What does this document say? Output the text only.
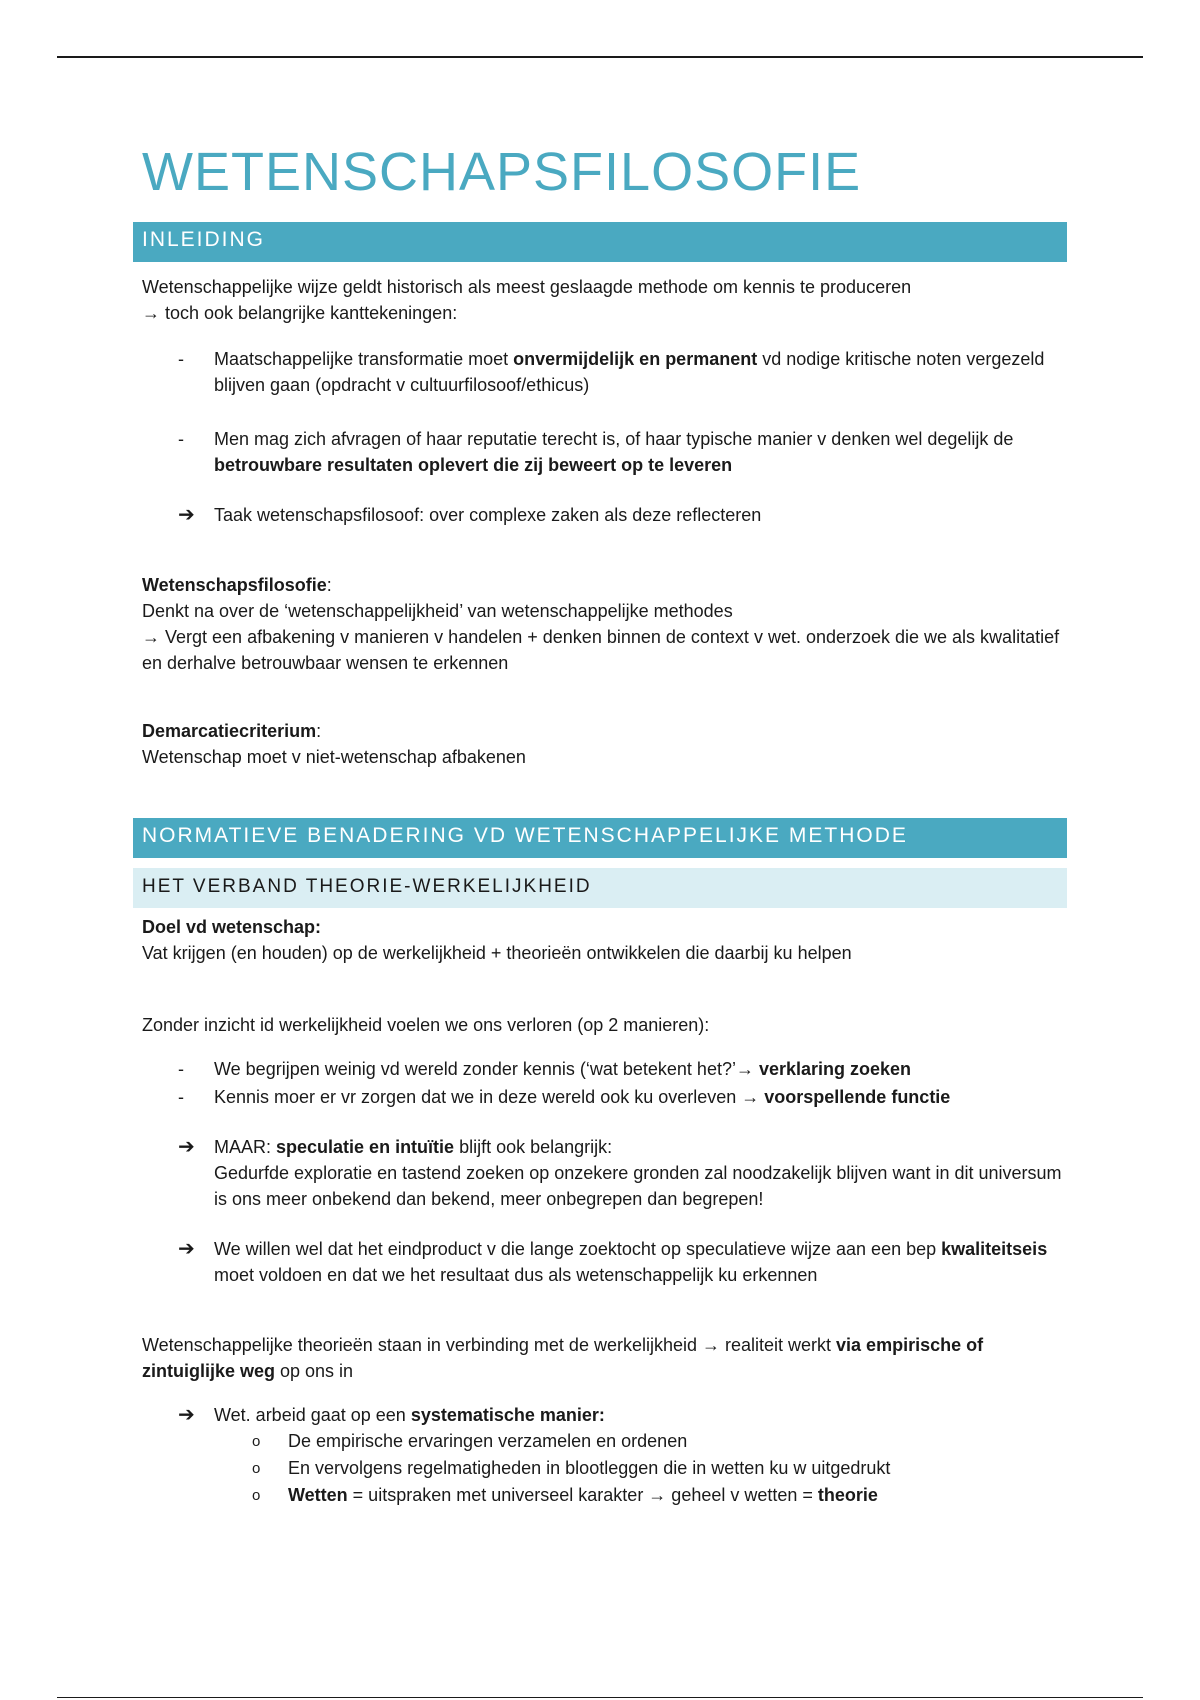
WETENSCHAPSFILOSOFIE
INLEIDING

Wetenschappelijke wijze geldt historisch als meest geslaagde methode om kennis te produceren

→ toch ook belangrijke kanttekeningen:

- Maatschappelijke transformatie moet onvermijdelijk en permanent vd nodige kritische noten vergezeld blijven gaan (opdracht v cultuurfilosoof/ethicus)
- Men mag zich afvragen of haar reputatie terecht is, of haar typische manier v denken wel degelijk de betrouwbare resultaten oplevert die zij beweert op te leveren
➔ Taak wetenschapsfilosoof: over complexe zaken als deze reflecteren

Wetenschapsfilosofie:

Denkt na over de ‘wetenschappelijkheid’ van wetenschappelijke methodes

→ Vergt een afbakening v manieren v handelen + denken binnen de context v wet. onderzoek die we als kwalitatief en derhalve betrouwbaar wensen te erkennen

Demarcatiecriterium:

Wetenschap moet v niet-wetenschap afbakenen

NORMATIEVE BENADERING VD WETENSCHAPPELIJKE METHODE
HET VERBAND THEORIE-WERKELIJKHEID

Doel vd wetenschap:

Vat krijgen (en houden) op de werkelijkheid + theorieën ontwikkelen die daarbij ku helpen

Zonder inzicht id werkelijkheid voelen we ons verloren (op 2 manieren):

- We begrijpen weinig vd wereld zonder kennis (‘wat betekent het?’→ verklaring zoeken
- Kennis moer er vr zorgen dat we in deze wereld ook ku overleven → voorspellende functie
➔ MAAR: speculatie en intuïtie blijft ook belangrijk:
Gedurfde exploratie en tastend zoeken op onzekere gronden zal noodzakelijk blijven want in dit universum is ons meer onbekend dan bekend, meer onbegrepen dan begrepen!
➔ We willen wel dat het eindproduct v die lange zoektocht op speculatieve wijze aan een bep kwaliteitseis moet voldoen en dat we het resultaat dus als wetenschappelijk ku erkennen

Wetenschappelijke theorieën staan in verbinding met de werkelijkheid → realiteit werkt via empirische of zintuiglijke weg op ons in

➔ Wet. arbeid gaat op een systematische manier:
o De empirische ervaringen verzamelen en ordenen
o En vervolgens regelmatigheden in blootleggen die in wetten ku w uitgedrukt
o Wetten = uitspraken met universeel karakter → geheel v wetten = theorie
